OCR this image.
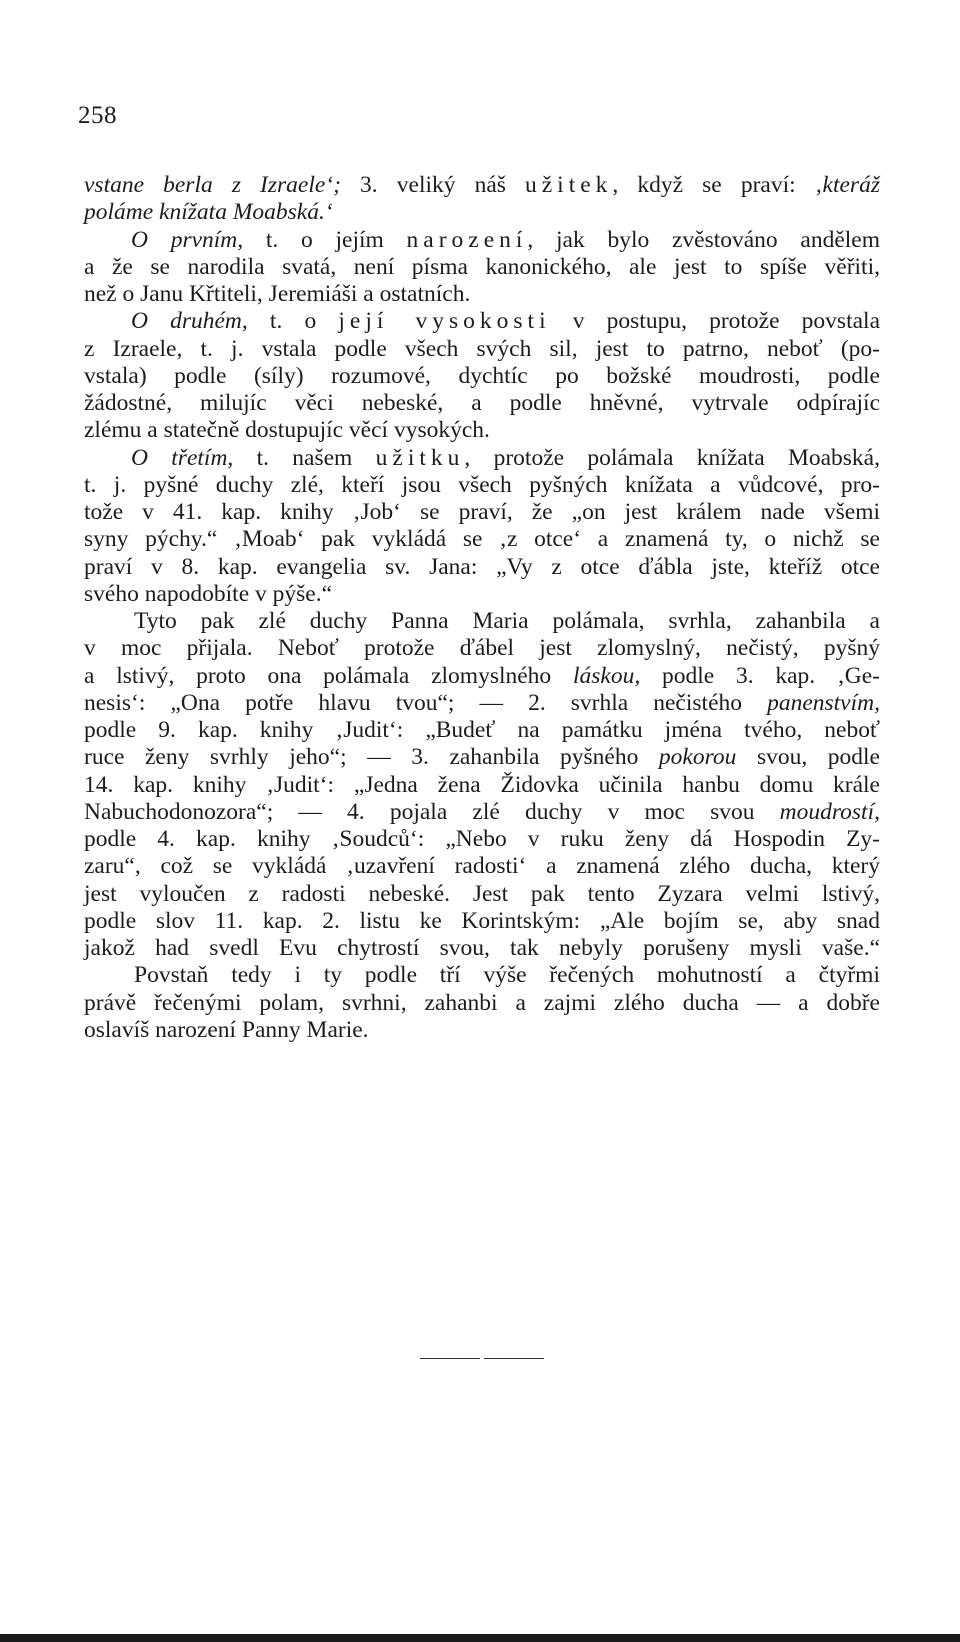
258
vstane berla z Izraele‘; 3. veliký náš užitek, když se praví: ‚kteráž
poláme knížata Moabská.‘
O prvním, t. o jejím narození, jak bylo zvěstováno andělem
a že se narodila svatá, není písma kanonického, ale jest to spíše věřiti,
než o Janu Křtiteli, Jeremiáši a ostatních.
O druhém, t. o její vysokosti v postupu, protože povstala
z Izraele, t. j. vstala podle všech svých sil, jest to patrno, neboť (po-
vstala) podle (síly) rozumové, dychtíc po božské moudrosti, podle
žádostné, milujíc věci nebeské, a podle hněvné, vytrvale odpírajíc
zlému a statečně dostupujíc věcí vysokých.
O třetím, t. našem užitku, protože polámala knížata Moabská,
t. j. pyšné duchy zlé, kteří jsou všech pyšných knížata a vůdcové, pro-
tože v 41. kap. knihy ‚Job‘ se praví, že „on jest králem nade všemi
syny pýchy.“ ‚Moab‘ pak vykládá se ‚z otce‘ a znamená ty, o nichž se
praví v 8. kap. evangelia sv. Jana: „Vy z otce ďábla jste, kteříž otce
svého napodobíte v pýše.“
Tyto pak zlé duchy Panna Maria polámala, svrhla, zahanbila a
v moc přijala. Neboť protože ďábel jest zlomyslný, nečistý, pyšný
a lstivý, proto ona polámala zlomyslného láskou, podle 3. kap. ‚Ge-
nesis‘: „Ona potře hlavu tvou“; — 2. svrhla nečistého panenstvím,
podle 9. kap. knihy ‚Judit‘: „Budeť na památku jména tvého, neboť
ruce ženy svrhly jeho“; — 3. zahanbila pyšného pokorou svou, podle
14. kap. knihy ‚Judit‘: „Jedna žena Židovka učinila hanbu domu krále
Nabuchodonozora“; — 4. pojala zlé duchy v moc svou moudrostí,
podle 4. kap. knihy ‚Soudců‘: „Nebo v ruku ženy dá Hospodin Zy-
zaru“, což se vykládá ‚uzavření radosti‘ a znamená zlého ducha, který
jest vyloučen z radosti nebeské. Jest pak tento Zyzara velmi lstivý,
podle slov 11. kap. 2. listu ke Korintským: „Ale bojím se, aby snad
jakož had svedl Evu chytrostí svou, tak nebyly porušeny mysli vaše.“
Povstaň tedy i ty podle tří výše řečených mohutností a čtyřmi
právě řečenými polam, svrhni, zahanbi a zajmi zlého ducha — a dobře
oslavíš narození Panny Marie.
